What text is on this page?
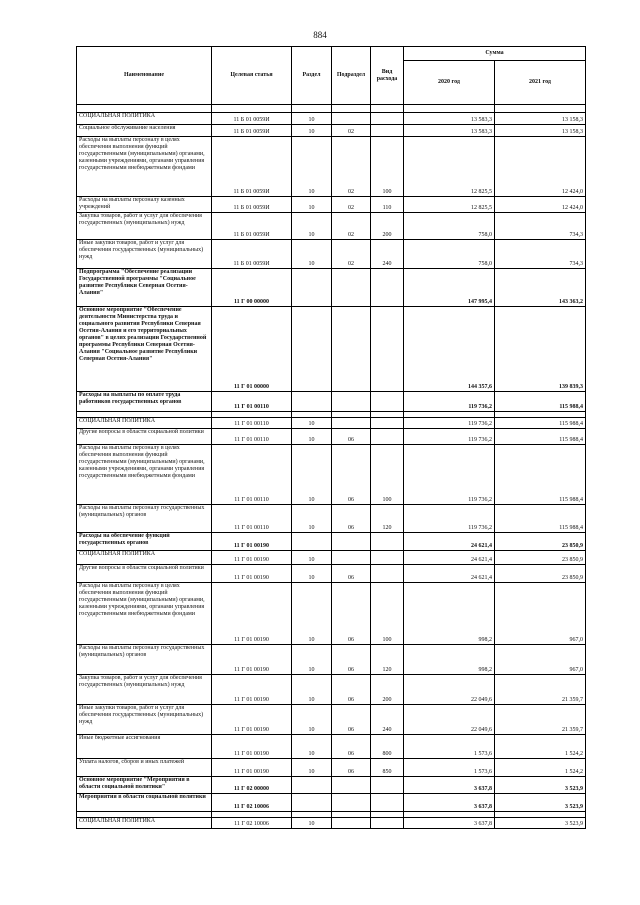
884
Наименование	Целевая статья	Раздел	Подраздел	Вид расхода	Сумма	
					2020 год	2021 год

СОЦИАЛЬНАЯ ПОЛИТИКА	11 Б 01 0059И	10			13 583,3	13 158,3
Социальное обслуживание населения	11 Б 01 0059И	10	02		13 583,3	13 158,3
Расходы на выплаты персоналу в целях обеспечения выполнения функций государственными (муниципальными) органами, казенными учреждениями, органами управления государственными внебюджетными фондами	11 Б 01 0059И	10	02	100	12 825,5	12 424,0
Расходы на выплаты персоналу казенных учреждений	11 Б 01 0059И	10	02	110	12 825,5	12 424,0
Закупка товаров, работ и услуг для обеспечения государственных (муниципальных) нужд	11 Б 01 0059И	10	02	200	758,0	734,3
Иные закупки товаров, работ и услуг для обеспечения государственных (муниципальных) нужд	11 Б 01 0059И	10	02	240	758,0	734,3
Подпрограмма "Обеспечение реализации Государственной программы "Социальное развитие Республики Северная Осетия-Алания"	11 Г 00 00000				147 995,4	143 363,2
Основное мероприятие "Обеспечение деятельности Министерства труда и социального развития Республики Северная Осетия-Алания и его территориальных органов" в целях реализации Государственной программы Республики Северная Осетия-Алания "Социальное развитие Республики Северная Осетия-Алания"	11 Г 01 00000				144 357,6	139 839,3
Расходы на выплаты по оплате труда работников государственных органов	11 Г 01 00110				119 736,2	115 988,4

СОЦИАЛЬНАЯ ПОЛИТИКА	11 Г 01 00110	10			119 736,2	115 988,4
Другие вопросы в области социальной политики	11 Г 01 00110	10	06		119 736,2	115 988,4
Расходы на выплаты персоналу в целях обеспечения выполнения функций государственными (муниципальными) органами, казенными учреждениями, органами управления государственными внебюджетными фондами	11 Г 01 00110	10	06	100	119 736,2	115 988,4
Расходы на выплаты персоналу государственных (муниципальных) органов	11 Г 01 00110	10	06	120	119 736,2	115 988,4
Расходы на обеспечение функций государственных органов	11 Г 01 00190				24 621,4	23 850,9
СОЦИАЛЬНАЯ ПОЛИТИКА	11 Г 01 00190	10			24 621,4	23 850,9
Другие вопросы в области социальной политики	11 Г 01 00190	10	06		24 621,4	23 850,9
Расходы на выплаты персоналу в целях обеспечения выполнения функций государственными (муниципальными) органами, казенными учреждениями, органами управления государственными внебюджетными фондами	11 Г 01 00190	10	06	100	998,2	967,0
Расходы на выплаты персоналу государственных (муниципальных) органов	11 Г 01 00190	10	06	120	998,2	967,0
Закупка товаров, работ и услуг для обеспечения государственных (муниципальных) нужд	11 Г 01 00190	10	06	200	22 049,6	21 359,7
Иные закупки товаров, работ и услуг для обеспечения государственных (муниципальных) нужд	11 Г 01 00190	10	06	240	22 049,6	21 359,7
Иные бюджетные ассигнования	11 Г 01 00190	10	06	800	1 573,6	1 524,2
Уплата налогов, сборов и иных платежей	11 Г 01 00190	10	06	850	1 573,6	1 524,2
Основное мероприятие "Мероприятия в области социальной политики"	11 Г 02 00000				3 637,8	3 523,9
Мероприятия в области социальной политики	11 Г 02 10006				3 637,8	3 523,9

СОЦИАЛЬНАЯ ПОЛИТИКА	11 Г 02 10006	10			3 637,8	3 523,9
